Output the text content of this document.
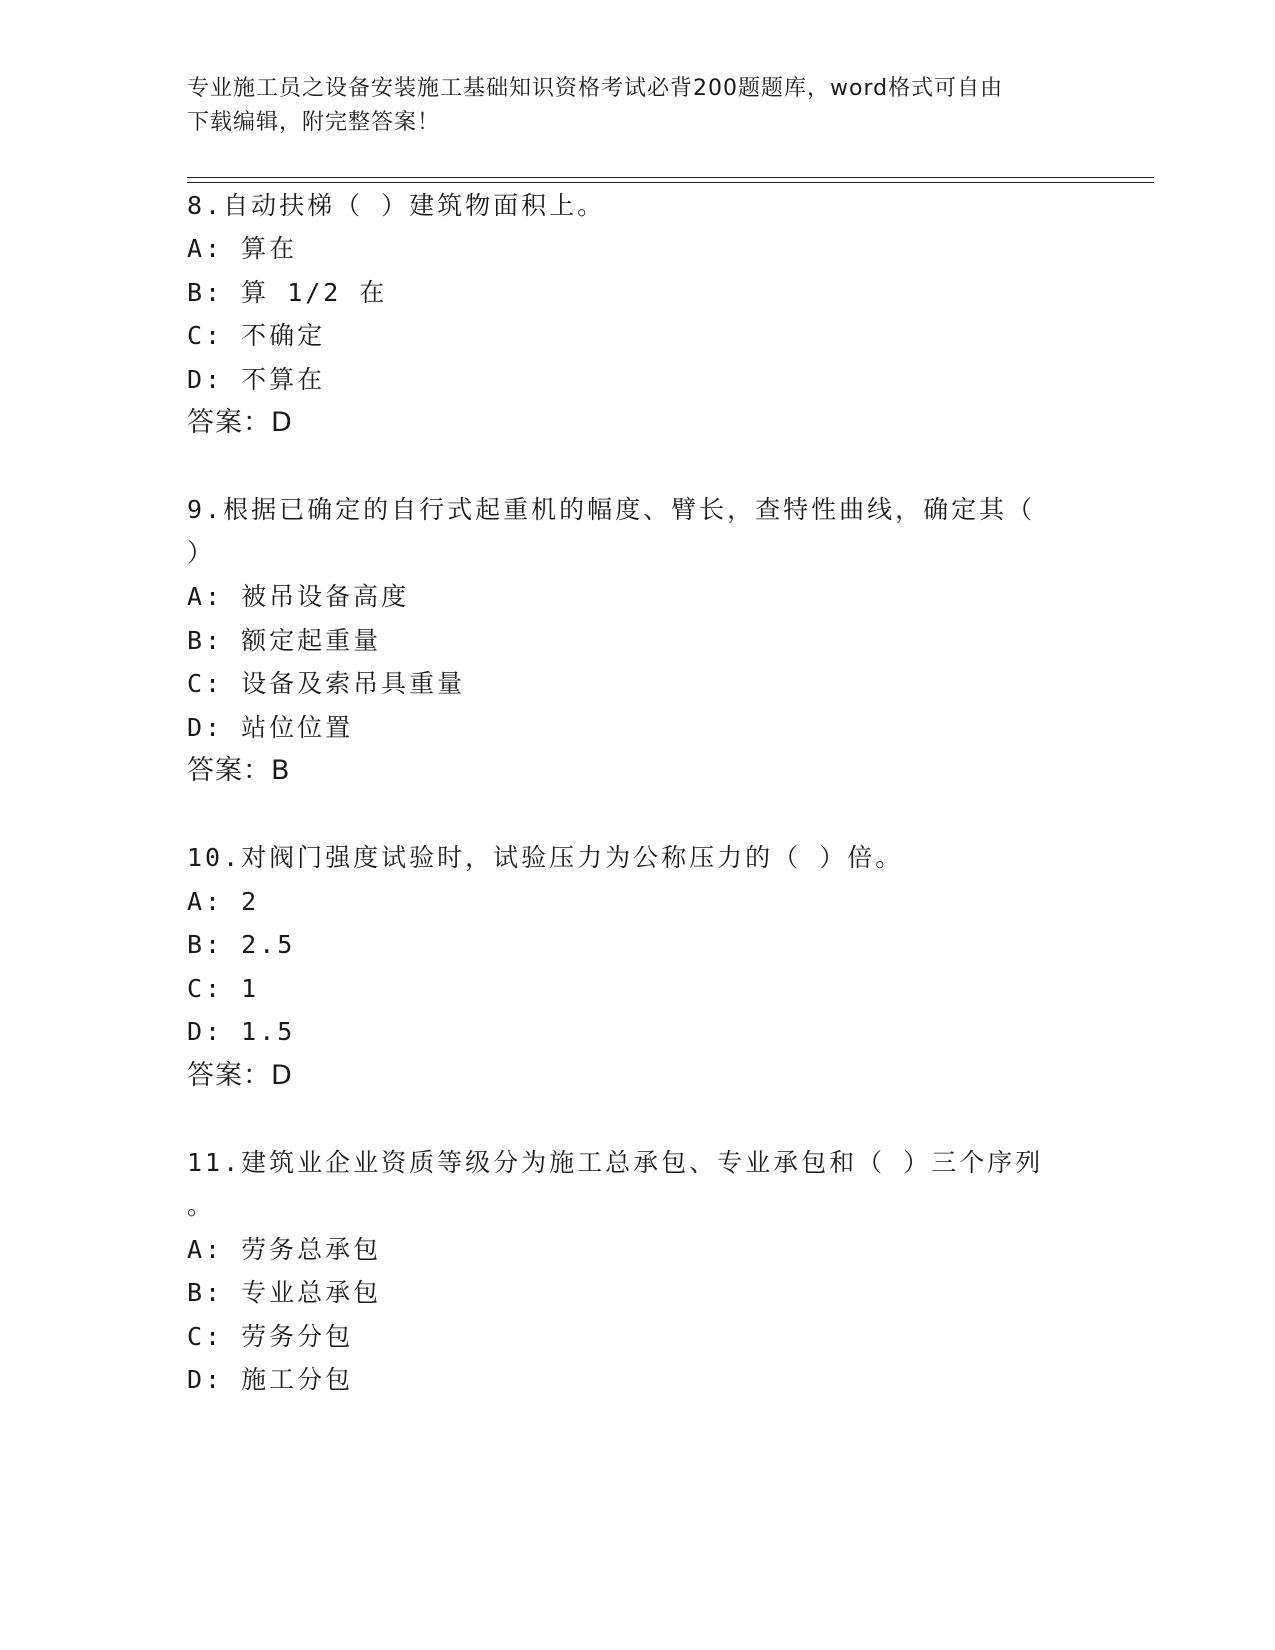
专业施工员之设备安装施工基础知识资格考试必背200题题库，word格式可自由
下载编辑，附完整答案！
8.自动扶梯（ ）建筑物面积上。
A: 算在
B: 算 1/2 在
C: 不确定
D: 不算在
答案：D
9.根据已确定的自行式起重机的幅度、臂长，查特性曲线，确定其（
）
A: 被吊设备高度
B: 额定起重量
C: 设备及索吊具重量
D: 站位位置
答案：B
10.对阀门强度试验时，试验压力为公称压力的（ ）倍。
A: 2
B: 2.5
C: 1
D: 1.5
答案：D
11.建筑业企业资质等级分为施工总承包、专业承包和（ ）三个序列
。
A: 劳务总承包
B: 专业总承包
C: 劳务分包
D: 施工分包
